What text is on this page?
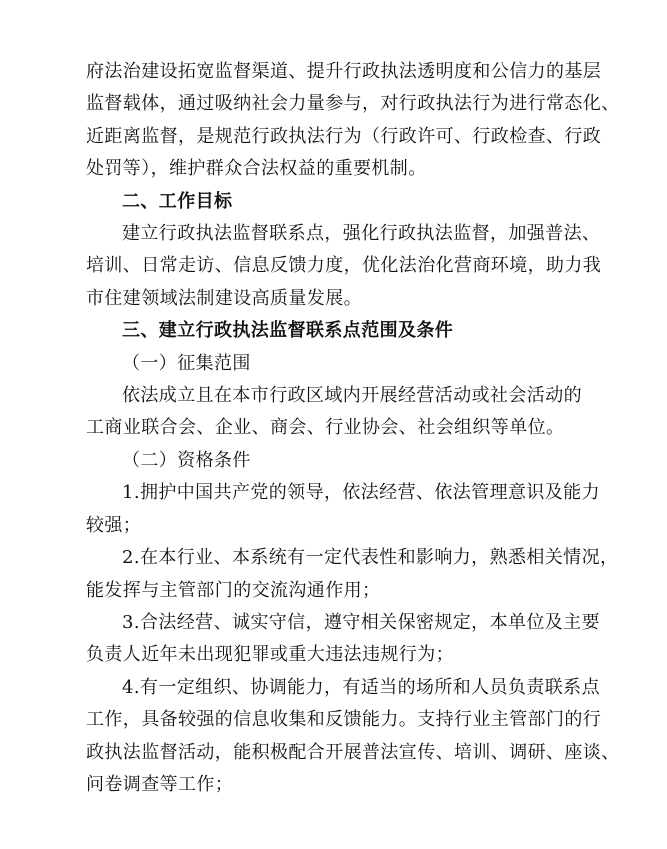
府法治建设拓宽监督渠道、提升行政执法透明度和公信力的基层

监督载体，通过吸纳社会力量参与，对行政执法行为进行常态化、

近距离监督，是规范行政执法行为（行政许可、行政检查、行政

处罚等），维护群众合法权益的重要机制。

二、工作目标

建立行政执法监督联系点，强化行政执法监督，加强普法、

培训、日常走访、信息反馈力度，优化法治化营商环境，助力我

市住建领域法制建设高质量发展。

三、建立行政执法监督联系点范围及条件

（一）征集范围

依法成立且在本市行政区域内开展经营活动或社会活动的

工商业联合会、企业、商会、行业协会、社会组织等单位。

（二）资格条件

1.拥护中国共产党的领导，依法经营、依法管理意识及能力

较强；

2.在本行业、本系统有一定代表性和影响力，熟悉相关情况，

能发挥与主管部门的交流沟通作用；

3.合法经营、诚实守信，遵守相关保密规定，本单位及主要

负责人近年未出现犯罪或重大违法违规行为；

4.有一定组织、协调能力，有适当的场所和人员负责联系点

工作，具备较强的信息收集和反馈能力。支持行业主管部门的行

政执法监督活动，能积极配合开展普法宣传、培训、调研、座谈、

问卷调查等工作；
